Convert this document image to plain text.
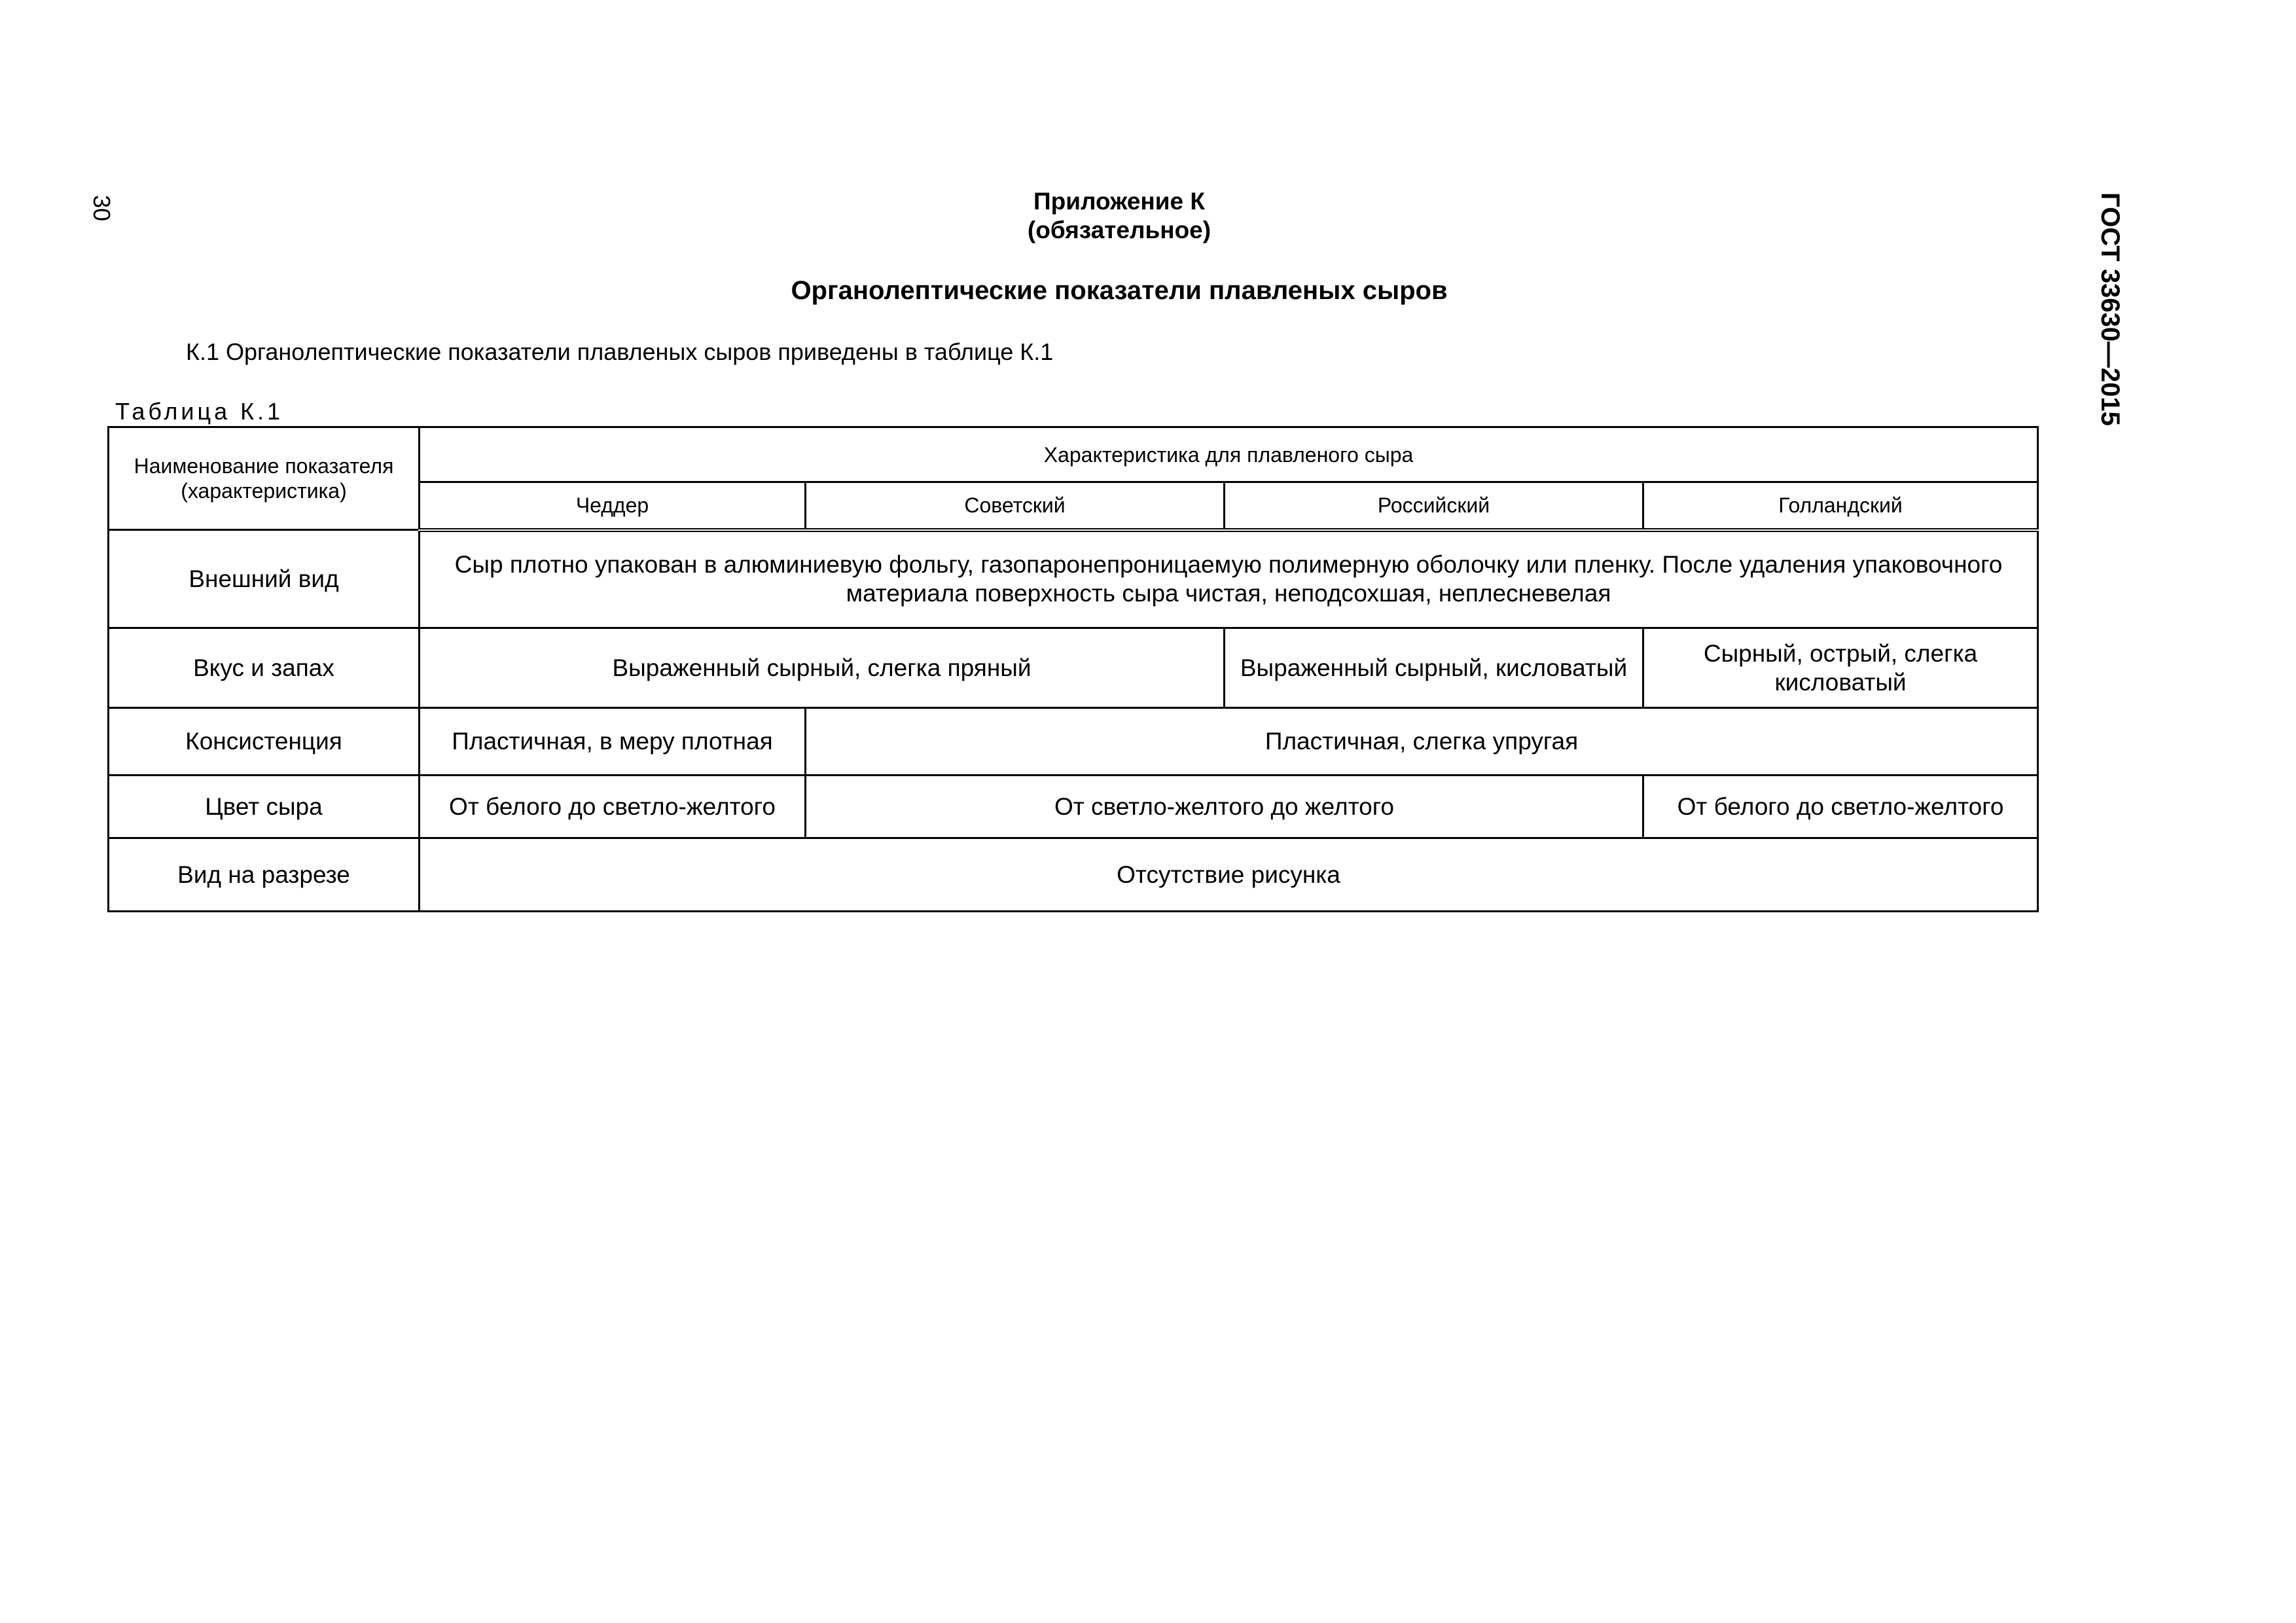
30	ГОСТ 33630—2015
Приложение К
(обязательное)
Органолептические показатели плавленых сыров
К.1 Органолептические показатели плавленых сыров приведены в таблице К.1
Таблица К.1
Наименование показателя (характеристика)	Характеристика для плавленого сыра			
	Чеддер	Советский	Российский	Голландский
Внешний вид	Сыр плотно упакован в алюминиевую фольгу, газопаронепроницаемую полимерную оболочку или пленку. После удаления упаковочного материала поверхность сыра чистая, неподсохшая, неплесневелая			
Вкус и запах	Выраженный сырный, слегка пряный		Выраженный сырный, кисловатый	Сырный, острый, слегка кисловатый
Консистенция	Пластичная, в меру плотная	Пластичная, слегка упругая		
Цвет сыра	От белого до светло-желтого	От светло-желтого до желтого		От белого до светло-желтого
Вид на разрезе	Отсутствие рисунка			
